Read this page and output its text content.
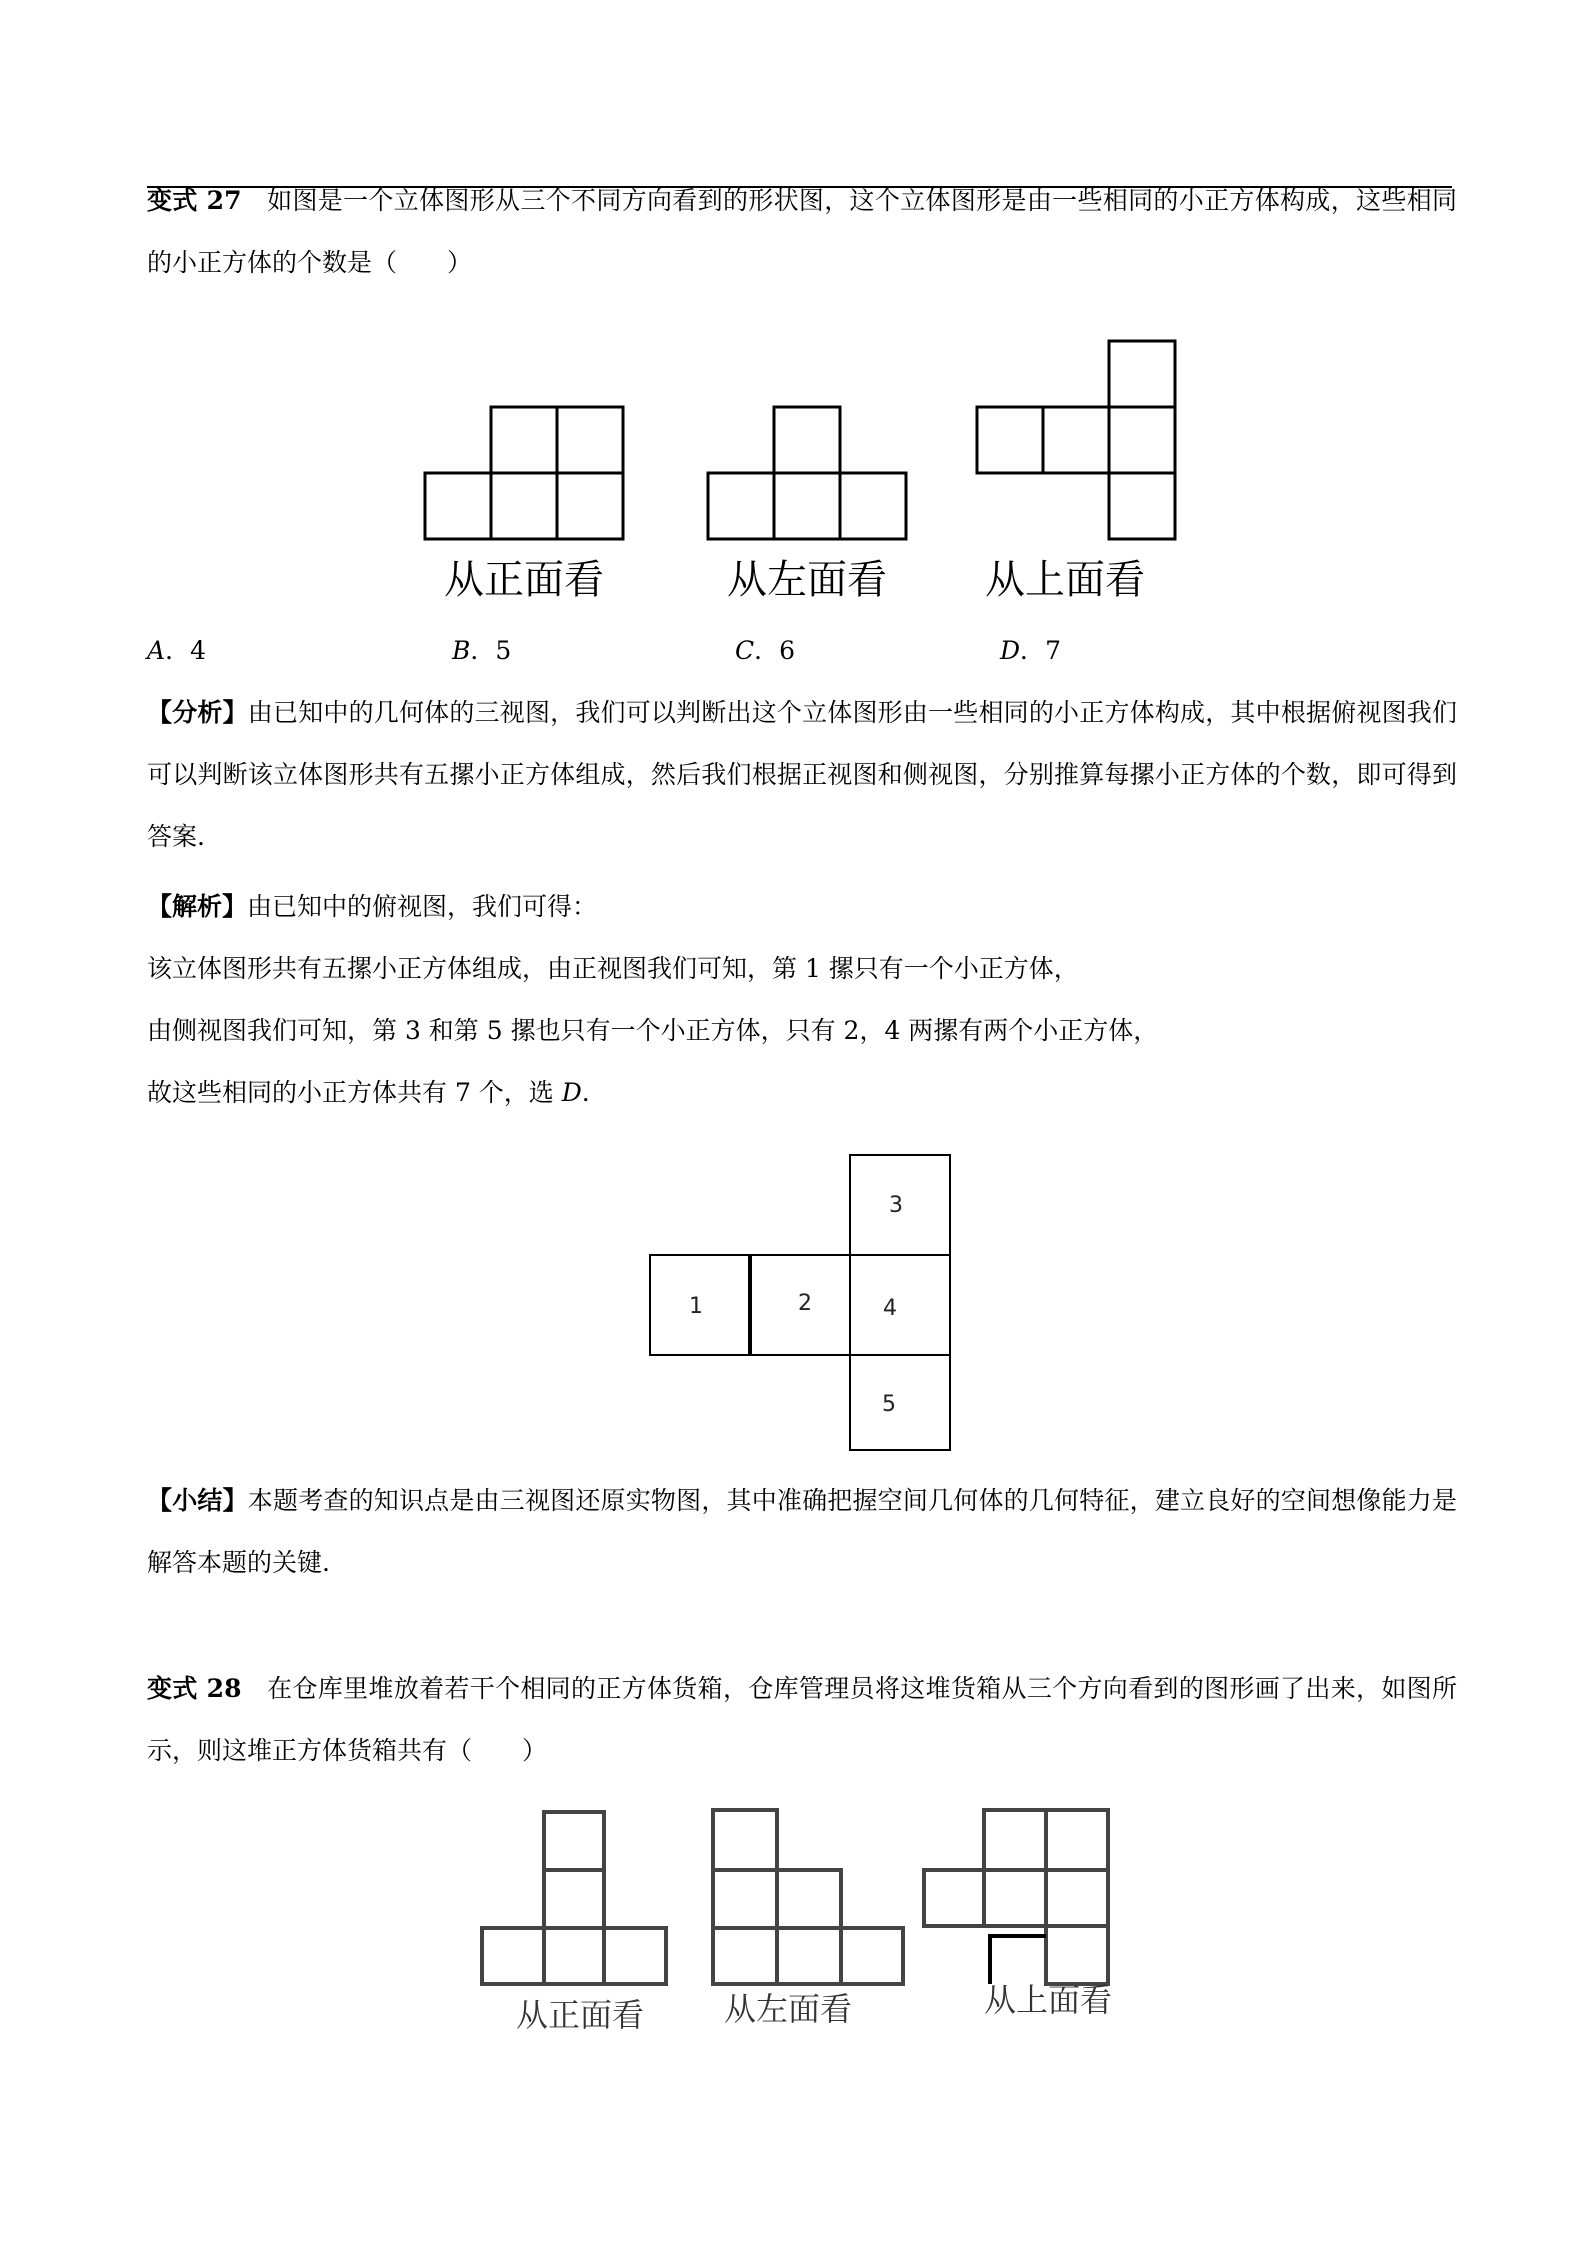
变式 27　 如图是一个立体图形从三个不同方向看到的形状图，这个立体图形是由一些相同的小正方体构成，这些相同的小正方体的个数是（　　）
从正面看	从左面看 从上面看
A．4	B．5	C．6	D．7
【分析】由已知中的几何体的三视图，我们可以判断出这个立体图形由一些相同的小正方体构成，其中根据俯视图我们可以判断该立体图形共有五摞小正方体组成，然后我们根据正视图和侧视图，分别推算每摞小正方体的个数，即可得到答案.
【解析】由已知中的俯视图，我们可得：
该立体图形共有五摞小正方体组成，由正视图我们可知，第 1 摞只有一个小正方体，
由侧视图我们可知，第 3 和第 5 摞也只有一个小正方体，只有 2，4 两摞有两个小正方体，
故这些相同的小正方体共有 7 个，选 D.
1	2
3
4
5
【小结】本题考查的知识点是由三视图还原实物图，其中准确把握空间几何体的几何特征，建立良好的空间想像能力是解答本题的关键.
变式 28　 在仓库里堆放着若干个相同的正方体货箱，仓库管理员将这堆货箱从三个方向看到的图形画了出来，如图所示，则这堆正方体货箱共有（　　）
从正面看 从左面看	从上面看
